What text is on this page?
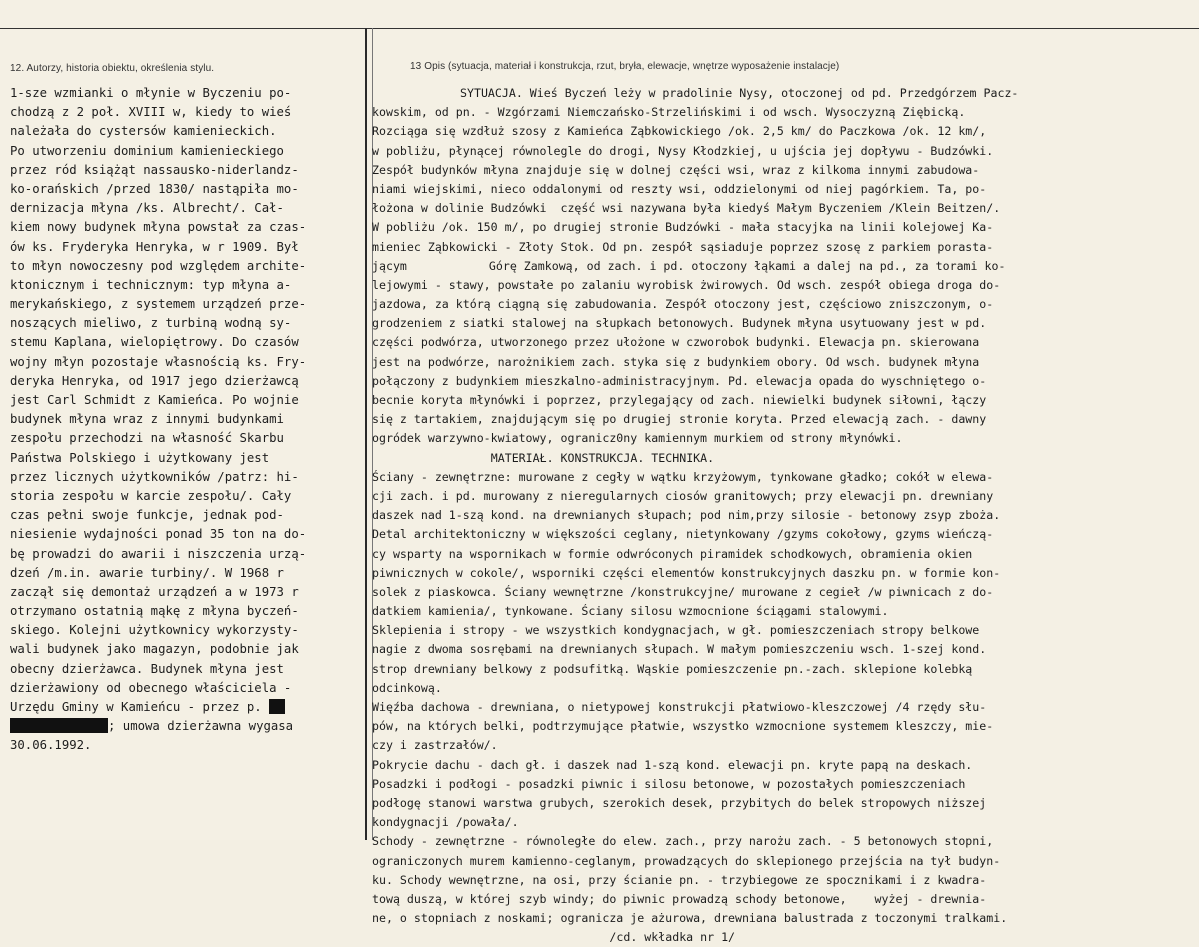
12. Autorzy, historia obiektu, określenia stylu.	13 Opis (sytuacja, materiał i konstrukcja, rzut, bryła, elewacje, wnętrze wyposażenie instalacje)
1-sze wzmianki o młynie w Byczeniu po-
chodzą z 2 poł. XVIII w, kiedy to wieś
należała do cystersów kamienieckich.
Po utworzeniu dominium kamienieckiego
przez ród książąt nassausko-niderlandz-
ko-orańskich /przed 1830/ nastąpiła mo-
dernizacja młyna /ks. Albrecht/. Cał-
kiem nowy budynek młyna powstał za czas-
ów ks. Fryderyka Henryka, w r 1909. Był
to młyn nowoczesny pod względem archite-
ktonicznym i technicznym: typ młyna a-
merykańskiego, z systemem urządzeń prze-
noszących mieliwo, z turbiną wodną sy-
stemu Kaplana, wielopiętrowy. Do czasów
wojny młyn pozostaje własnością ks. Fry-
deryka Henryka, od 1917 jego dzierżawcą
jest Carl Schmidt z Kamieńca. Po wojnie
budynek młyna wraz z innymi budynkami
zespołu przechodzi na własność Skarbu
Państwa Polskiego i użytkowany jest
przez licznych użytkowników /patrz: hi-
storia zespołu w karcie zespołu/. Cały
czas pełni swoje funkcje, jednak pod-
niesienie wydajności ponad 35 ton na do-
bę prowadzi do awarii i niszczenia urzą-
dzeń /m.in. awarie turbiny/. W 1968 r
zaczął się demontaż urządzeń a w 1973 r
otrzymano ostatnią mąkę z młyna byczeń-
skiego. Kolejni użytkownicy wykorzysty-
wali budynek jako magazyn, podobnie jak
obecny dzierżawca. Budynek młyna jest
dzierżawiony od obecnego właściciela -
Urzędu Gminy w Kamieńcu - przez p.
; umowa dzierżawna wygasa
30.06.1992.
SYTUACJA. Wieś Byczeń leży w pradolinie Nysy, otoczonej od pd. Przedgórzem Pacz-
kowskim, od pn. - Wzgórzami Niemczańsko-Strzelińskimi i od wsch. Wysoczyzną Ziębicką.
Rozciąga się wzdłuż szosy z Kamieńca Ząbkowickiego /ok. 2,5 km/ do Paczkowa /ok. 12 km/,
w pobliżu, płynącej równolegle do drogi, Nysy Kłodzkiej, u ujścia jej dopływu - Budzówki.
Zespół budynków młyna znajduje się w dolnej części wsi, wraz z kilkoma innymi zabudowa-
niami wiejskimi, nieco oddalonymi od reszty wsi, oddzielonymi od niej pagórkiem. Ta, po-
łożona w dolinie Budzówki  część wsi nazywana była kiedyś Małym Byczeniem /Klein Beitzen/.
W pobliżu /ok. 150 m/, po drugiej stronie Budzówki - mała stacyjka na linii kolejowej Ka-
mieniec Ząbkowicki - Złoty Stok. Od pn. zespół sąsiaduje poprzez szosę z parkiem porasta-
jącym	Górę Zamkową, od zach. i pd. otoczony łąkami a dalej na pd., za torami ko-
lejowymi - stawy, powstałe po zalaniu wyrobisk żwirowych. Od wsch. zespół obiega droga do-
jazdowa, za którą ciągną się zabudowania. Zespół otoczony jest, częściowo zniszczonym, o-
grodzeniem z siatki stalowej na słupkach betonowych. Budynek młyna usytuowany jest w pd.
części podwórza, utworzonego przez ułożone w czworobok budynki. Elewacja pn. skierowana
jest na podwórze, narożnikiem zach. styka się z budynkiem obory. Od wsch. budynek młyna
połączony z budynkiem mieszkalno-administracyjnym. Pd. elewacja opada do wyschniętego o-
becnie koryta młynówki i poprzez, przylegający od zach. niewielki budynek siłowni, łączy
się z tartakiem, znajdującym się po drugiej stronie koryta. Przed elewacją zach. - dawny
ogródek warzywno-kwiatowy, ogranicz0ny kamiennym murkiem od strony młynówki.
MATERIAŁ. KONSTRUKCJA. TECHNIKA.
Ściany - zewnętrzne: murowane z cegły w wątku krzyżowym, tynkowane gładko; cokół w elewa-
cji zach. i pd. murowany z nieregularnych ciosów granitowych; przy elewacji pn. drewniany
daszek nad 1-szą kond. na drewnianych słupach; pod nim,przy silosie - betonowy zsyp zboża.
Detal architektoniczny w większości ceglany, nietynkowany /gzyms cokołowy, gzyms wieńczą-
cy wsparty na wspornikach w formie odwróconych piramidek schodkowych, obramienia okien
piwnicznych w cokole/, wsporniki części elementów konstrukcyjnych daszku pn. w formie kon-
solek z piaskowca. Ściany wewnętrzne /konstrukcyjne/ murowane z cegieł /w piwnicach z do-
datkiem kamienia/, tynkowane. Ściany silosu wzmocnione ściągami stalowymi.
Sklepienia i stropy - we wszystkich kondygnacjach, w gł. pomieszczeniach stropy belkowe
nagie z dwoma sosrębami na drewnianych słupach. W małym pomieszczeniu wsch. 1-szej kond.
strop drewniany belkowy z podsufitką. Wąskie pomieszczenie pn.-zach. sklepione kolebką
odcinkową.
Więźba dachowa - drewniana, o nietypowej konstrukcji płatwiowo-kleszczowej /4 rzędy słu-
pów, na których belki, podtrzymujące płatwie, wszystko wzmocnione systemem kleszczy, mie-
czy i zastrzałów/.
Pokrycie dachu - dach gł. i daszek nad 1-szą kond. elewacji pn. kryte papą na deskach.
Posadzki i podłogi - posadzki piwnic i silosu betonowe, w pozostałych pomieszczeniach
podłogę stanowi warstwa grubych, szerokich desek, przybitych do belek stropowych niższej
kondygnacji /powała/.
Schody - zewnętrzne - równoległe do elew. zach., przy narożu zach. - 5 betonowych stopni,
ograniczonych murem kamienno-ceglanym, prowadzących do sklepionego przejścia na tył budyn-
ku. Schody wewnętrzne, na osi, przy ścianie pn. - trzybiegowe ze spocznikami i z kwadra-
tową duszą, w której szyb windy; do piwnic prowadzą schody betonowe,    wyżej - drewnia-
ne, o stopniach z noskami; ogranicza je ażurowa, drewniana balustrada z toczonymi tralkami.
/cd. wkładka nr 1/
